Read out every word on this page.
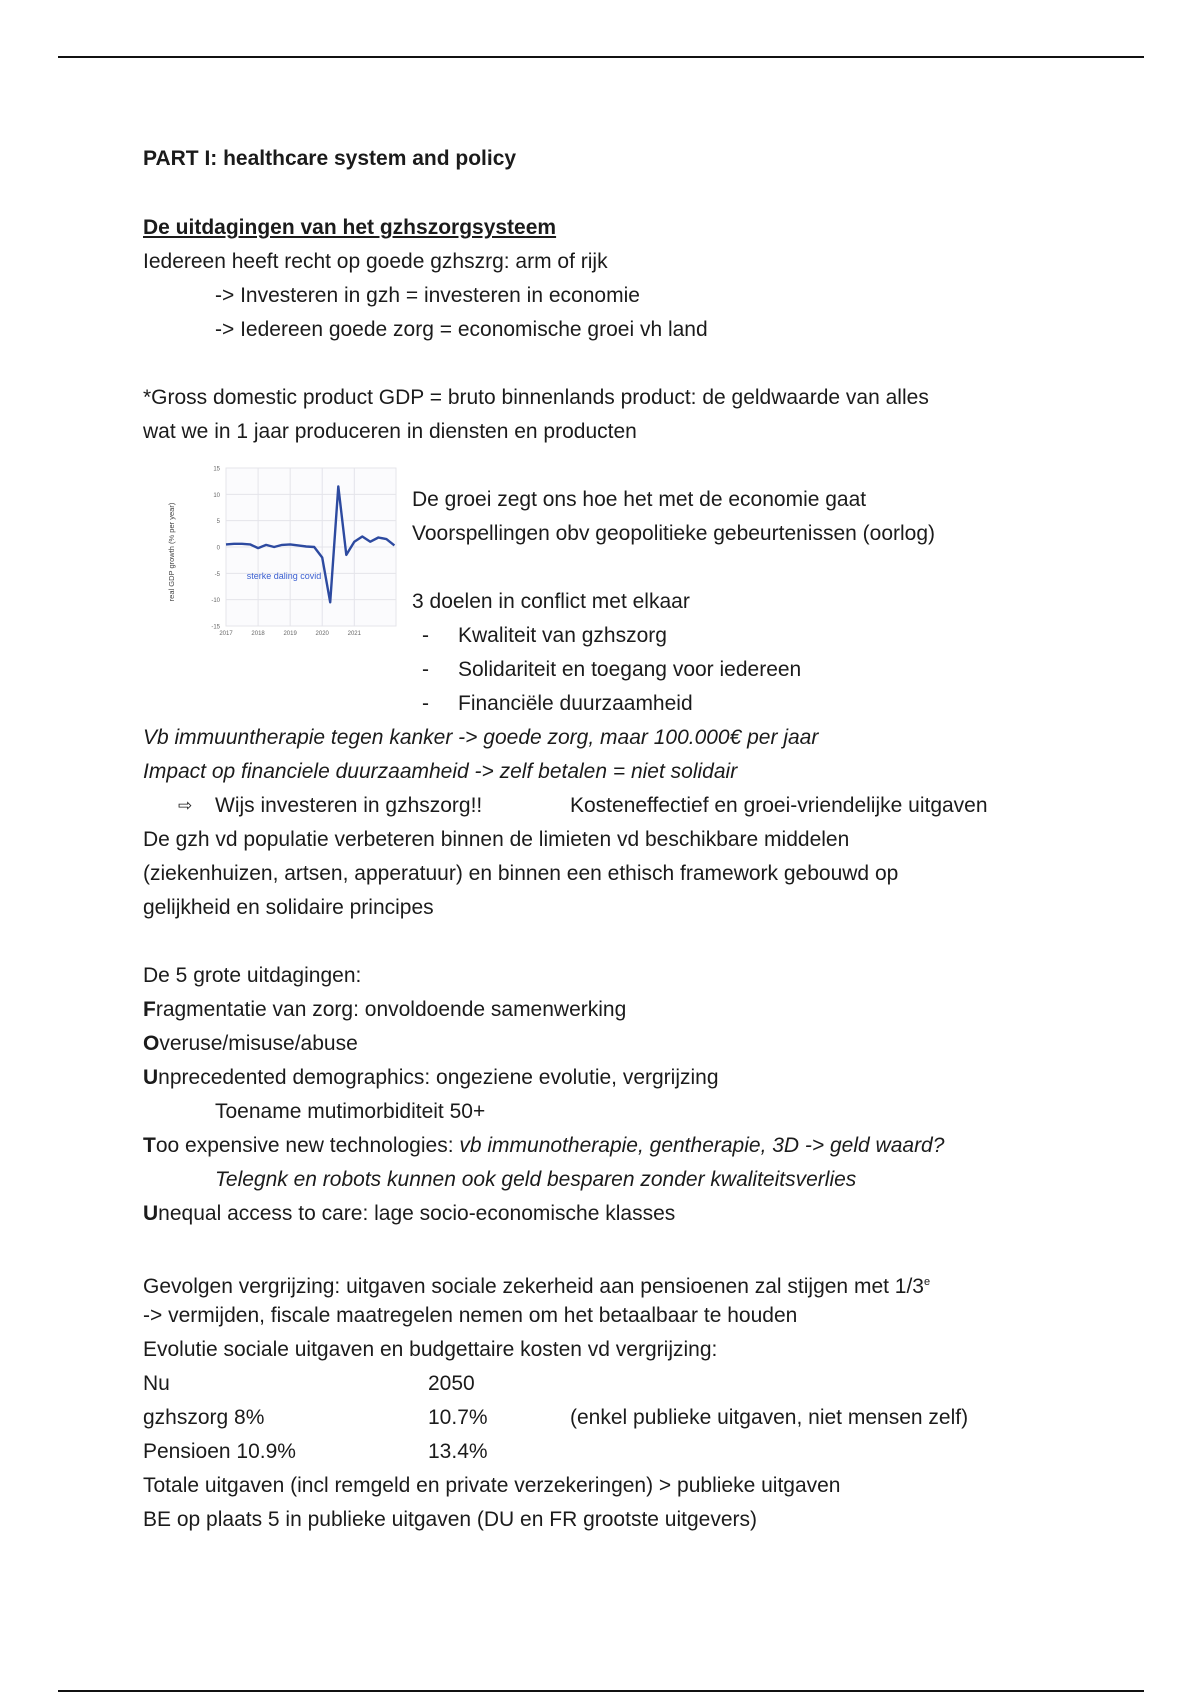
PART I: healthcare system and policy
De uitdagingen van het gzhszorgsysteem
Iedereen heeft recht op goede gzhszrg: arm of rijk
-> Investeren in gzh = investeren in economie
-> Iedereen goede zorg = economische groei vh land
*Gross domestic product GDP = bruto binnenlands product: de geldwaarde van alles
wat we in 1 jaar produceren in diensten en producten
15
10
5
0
-5
-10
-15
2017	2018	2019	2020	2021
real GDP growth (% per year)	sterke daling covid
De groei zegt ons hoe het met de economie gaat
Voorspellingen obv geopolitieke gebeurtenissen (oorlog)
3 doelen in conflict met elkaar
- Kwaliteit van gzhszorg
- Solidariteit en toegang voor iedereen
- Financiële duurzaamheid
Vb immuuntherapie tegen kanker -> goede zorg, maar 100.000€ per jaar
Impact op financiele duurzaamheid -> zelf betalen = niet solidair
⇨ Wijs investeren in gzhszorg!!	Kosteneffectief en groei-vriendelijke uitgaven
De gzh vd populatie verbeteren binnen de limieten vd beschikbare middelen
(ziekenhuizen, artsen, apperatuur) en binnen een ethisch framework gebouwd op
gelijkheid en solidaire principes
De 5 grote uitdagingen:
Fragmentatie van zorg: onvoldoende samenwerking
Overuse/misuse/abuse
Unprecedented demographics: ongeziene evolutie, vergrijzing
Toename mutimorbiditeit 50+
Too expensive new technologies: vb immunotherapie, gentherapie, 3D -> geld waard?
Telegnk en robots kunnen ook geld besparen zonder kwaliteitsverlies
Unequal access to care: lage socio-economische klasses
Gevolgen vergrijzing: uitgaven sociale zekerheid aan pensioenen zal stijgen met 1/3e
-> vermijden, fiscale maatregelen nemen om het betaalbaar te houden
Evolutie sociale uitgaven en budgettaire kosten vd vergrijzing:
Nu	2050
gzhszorg 8%	10.7%	(enkel publieke uitgaven, niet mensen zelf)
Pensioen 10.9%	13.4%
Totale uitgaven (incl remgeld en private verzekeringen) > publieke uitgaven
BE op plaats 5 in publieke uitgaven (DU en FR grootste uitgevers)
